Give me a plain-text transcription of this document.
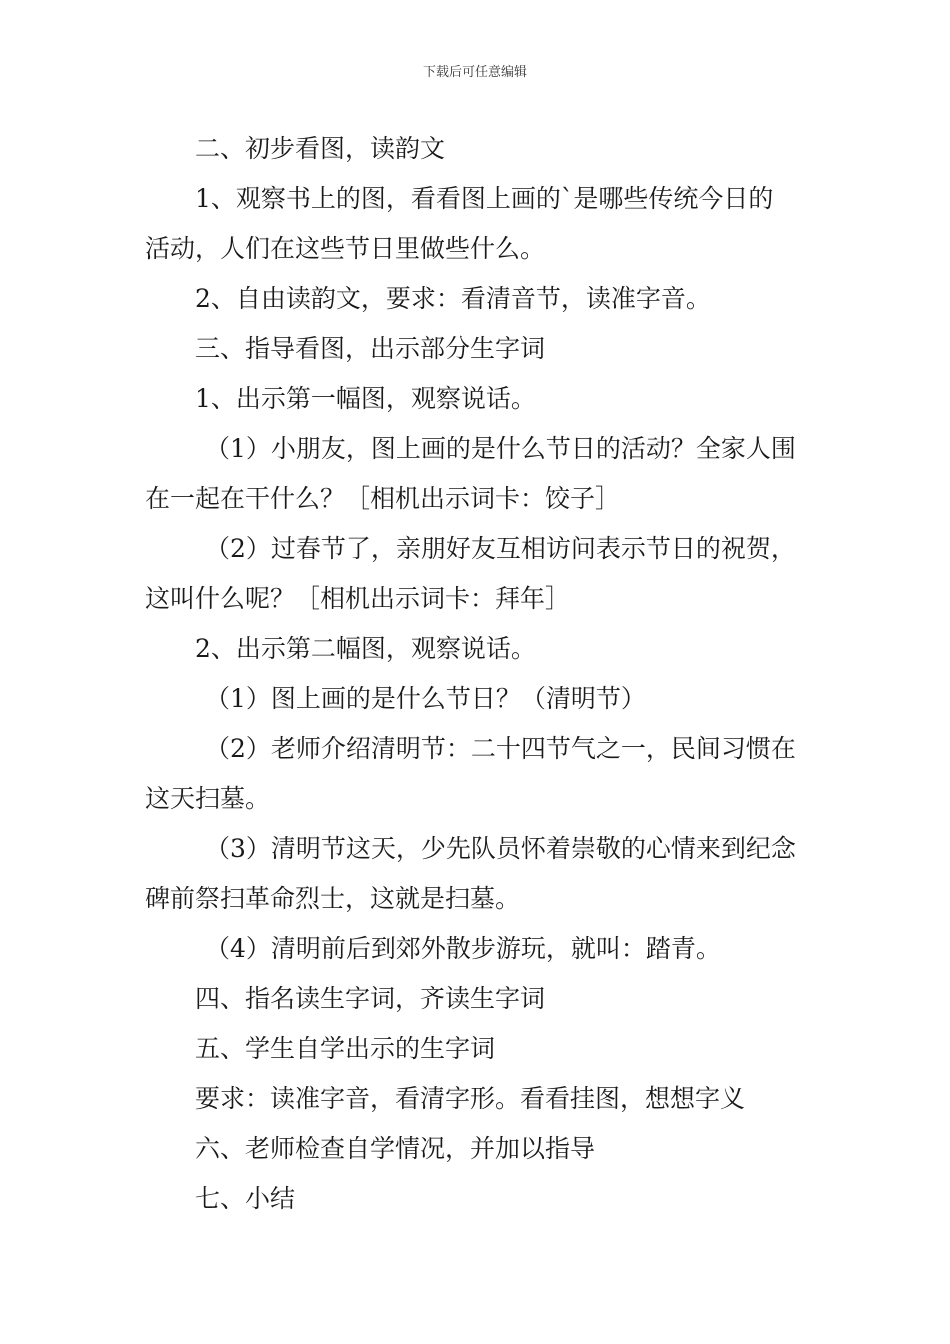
下载后可任意编辑
二、初步看图，读韵文
1、观察书上的图，看看图上画的`是哪些传统今日的
活动，人们在这些节日里做些什么。
2、自由读韵文，要求：看清音节，读准字音。
三、指导看图，出示部分生字词
1、出示第一幅图，观察说话。
（1）小朋友，图上画的是什么节日的活动？全家人围
在一起在干什么？［相机出示词卡：饺子］
（2）过春节了，亲朋好友互相访问表示节日的祝贺，
这叫什么呢？［相机出示词卡：拜年］
2、出示第二幅图，观察说话。
（1）图上画的是什么节日？（清明节）
（2）老师介绍清明节：二十四节气之一，民间习惯在
这天扫墓。
（3）清明节这天，少先队员怀着崇敬的心情来到纪念
碑前祭扫革命烈士，这就是扫墓。
（4）清明前后到郊外散步游玩，就叫：踏青。
四、指名读生字词，齐读生字词
五、学生自学出示的生字词
要求：读准字音，看清字形。看看挂图，想想字义
六、老师检查自学情况，并加以指导
七、小结
